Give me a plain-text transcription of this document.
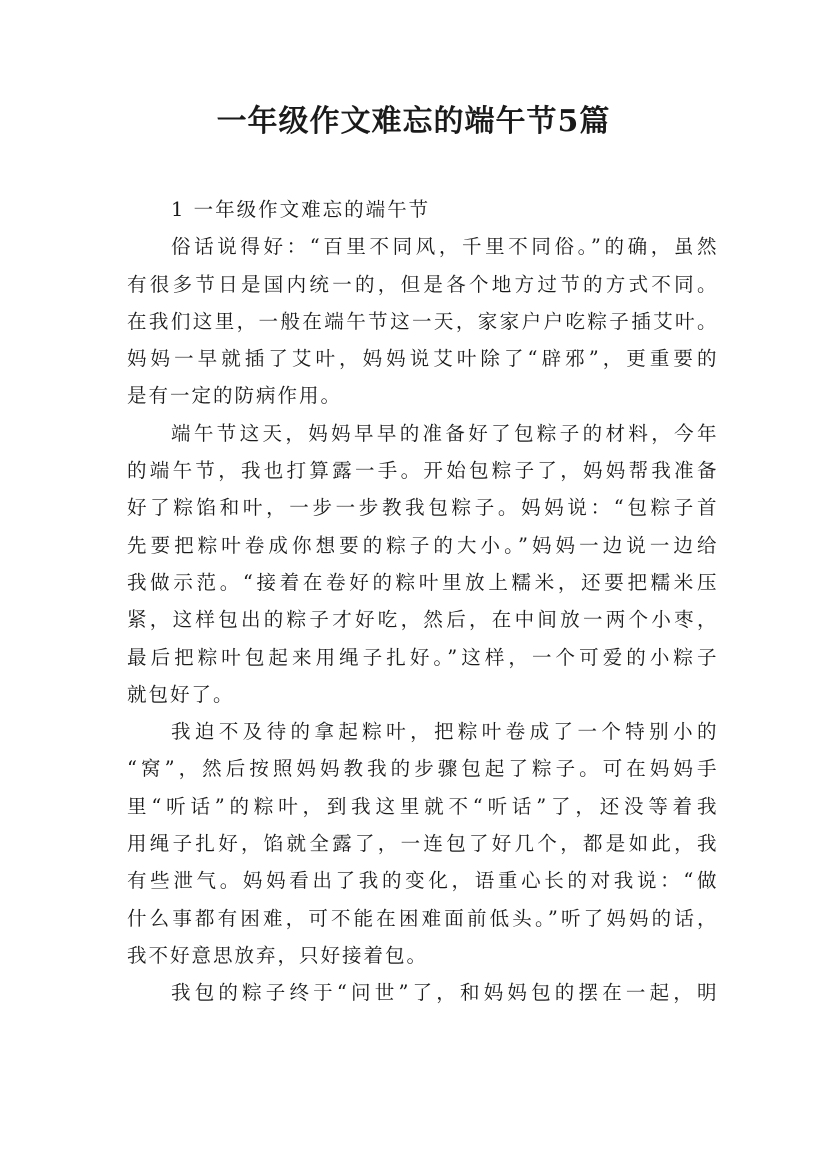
一年级作文难忘的端午节5篇
1 一年级作文难忘的端午节
俗话说得好：“百里不同风，千里不同俗。”的确，虽然
有很多节日是国内统一的，但是各个地方过节的方式不同。
在我们这里，一般在端午节这一天，家家户户吃粽子插艾叶。
妈妈一早就插了艾叶，妈妈说艾叶除了“辟邪”，更重要的
是有一定的防病作用。
端午节这天，妈妈早早的准备好了包粽子的材料，今年
的端午节，我也打算露一手。开始包粽子了，妈妈帮我准备
好了粽馅和叶，一步一步教我包粽子。妈妈说：“包粽子首
先要把粽叶卷成你想要的粽子的大小。”妈妈一边说一边给
我做示范。“接着在卷好的粽叶里放上糯米，还要把糯米压
紧，这样包出的粽子才好吃，然后，在中间放一两个小枣，
最后把粽叶包起来用绳子扎好。”这样，一个可爱的小粽子
就包好了。
我迫不及待的拿起粽叶，把粽叶卷成了一个特别小的
“窝”，然后按照妈妈教我的步骤包起了粽子。可在妈妈手
里“听话”的粽叶，到我这里就不“听话”了，还没等着我
用绳子扎好，馅就全露了，一连包了好几个，都是如此，我
有些泄气。妈妈看出了我的变化，语重心长的对我说：“做
什么事都有困难，可不能在困难面前低头。”听了妈妈的话，
我不好意思放弃，只好接着包。
我包的粽子终于“问世”了，和妈妈包的摆在一起，明
